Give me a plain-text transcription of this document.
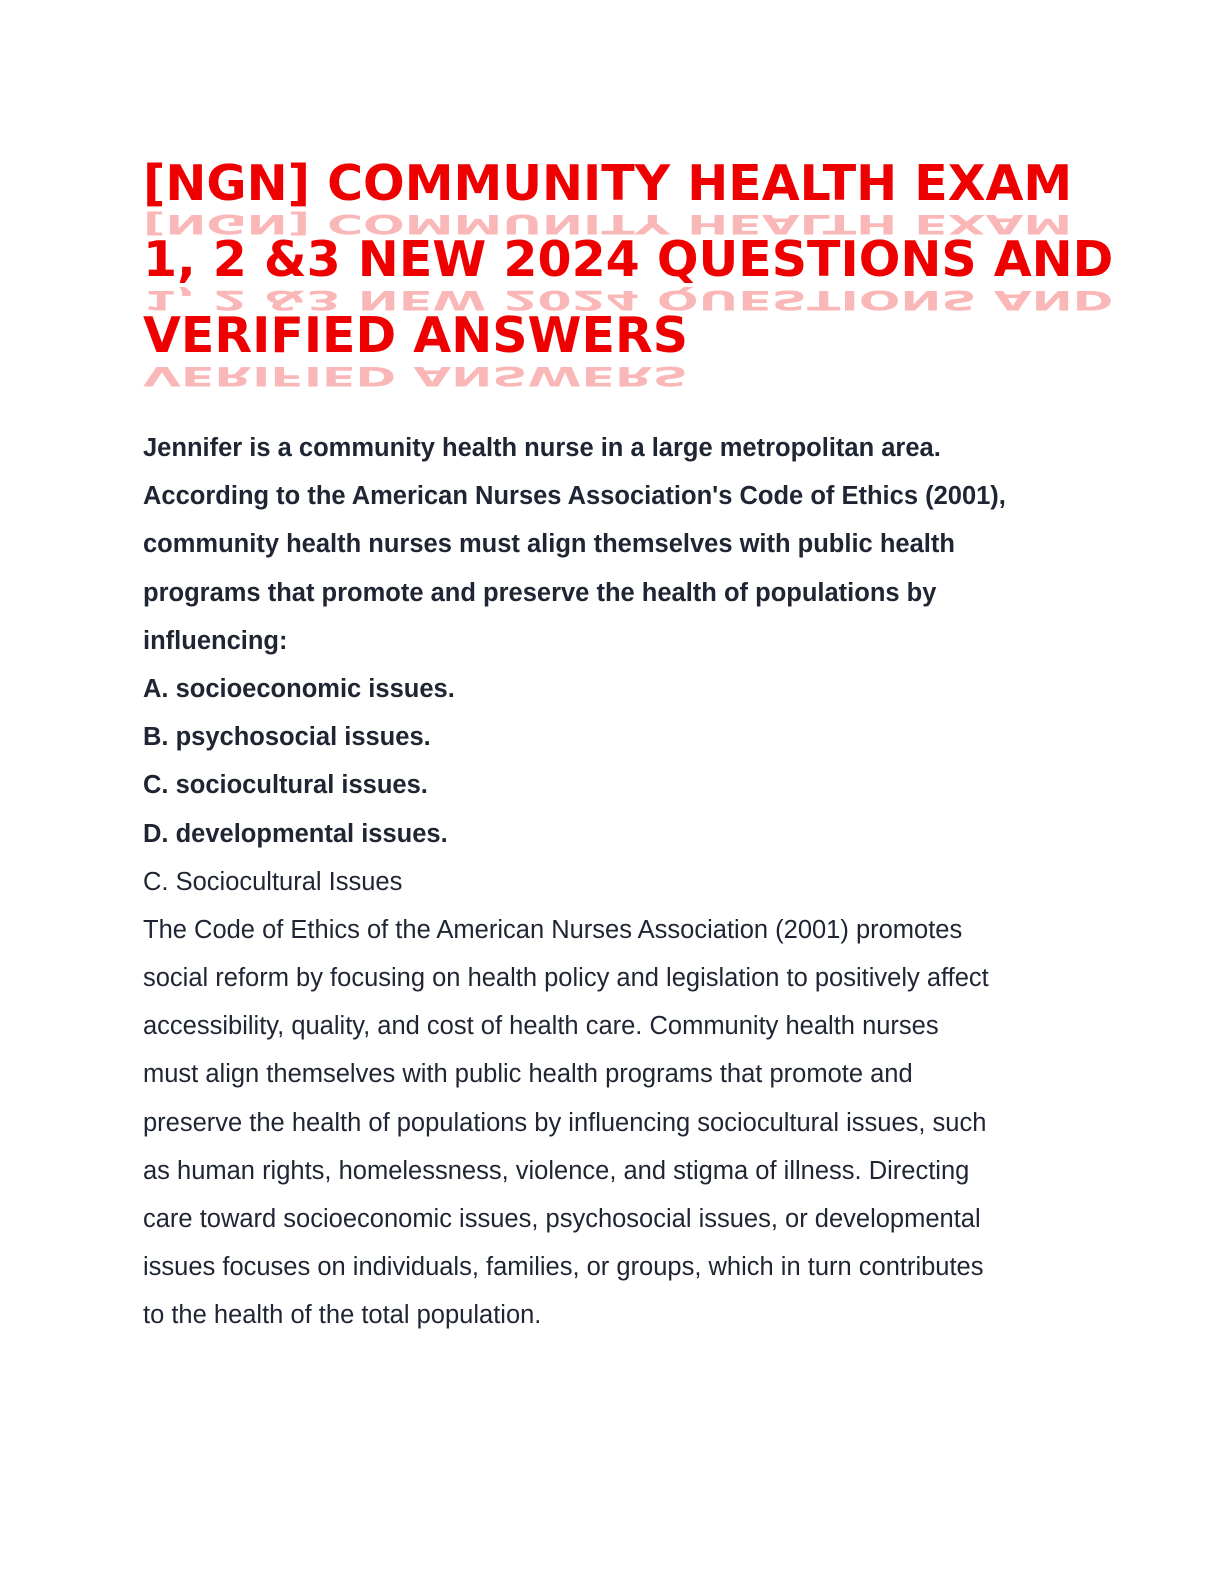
[NGN] COMMUNITY HEALTH EXAM
[NGN] COMMUNITY HEALTH EXAM
1, 2 &3 NEW 2024 QUESTIONS AND
1, 2 &3 NEW 2024 QUESTIONS AND
VERIFIED ANSWERS
VERIFIED ANSWERS
Jennifer is a community health nurse in a large metropolitan area.
According to the American Nurses Association's Code of Ethics (2001),
community health nurses must align themselves with public health
programs that promote and preserve the health of populations by
influencing:
A. socioeconomic issues.
B. psychosocial issues.
C. sociocultural issues.
D. developmental issues.
C. Sociocultural Issues
The Code of Ethics of the American Nurses Association (2001) promotes
social reform by focusing on health policy and legislation to positively affect
accessibility, quality, and cost of health care. Community health nurses
must align themselves with public health programs that promote and
preserve the health of populations by influencing sociocultural issues, such
as human rights, homelessness, violence, and stigma of illness. Directing
care toward socioeconomic issues, psychosocial issues, or developmental
issues focuses on individuals, families, or groups, which in turn contributes
to the health of the total population.
